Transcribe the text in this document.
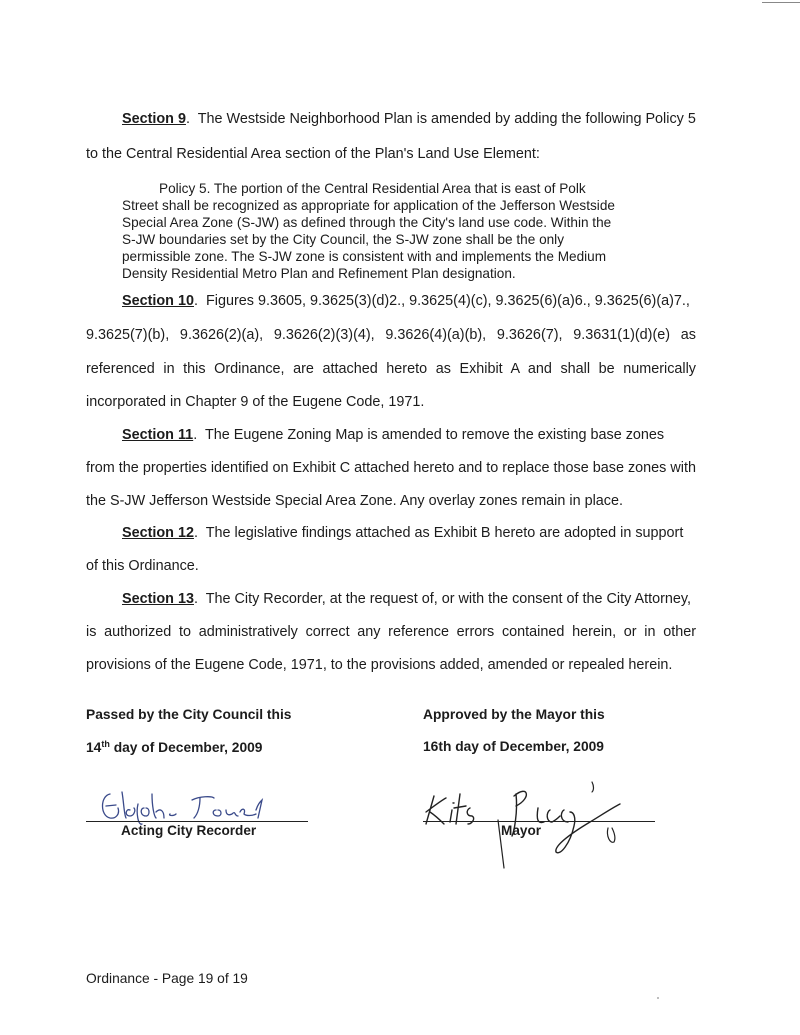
Section 9.  The Westside Neighborhood Plan is amended by adding the following Policy 5
to the Central Residential Area section of the Plan's Land Use Element:
Policy 5. The portion of the Central Residential Area that is east of Polk
Street shall be recognized as appropriate for application of the Jefferson Westside
Special Area Zone (S-JW) as defined through the City's land use code. Within the
S-JW boundaries set by the City Council, the S-JW zone shall be the only
permissible zone. The S-JW zone is consistent with and implements the Medium
Density Residential Metro Plan and Refinement Plan designation.
Section 10.  Figures 9.3605, 9.3625(3)(d)2., 9.3625(4)(c), 9.3625(6)(a)6., 9.3625(6)(a)7.,
9.3625(7)(b), 9.3626(2)(a), 9.3626(2)(3)(4), 9.3626(4)(a)(b), 9.3626(7), 9.3631(1)(d)(e) as
referenced in this Ordinance, are attached hereto as Exhibit A and shall be numerically
incorporated in Chapter 9 of the Eugene Code, 1971.
Section 11.  The Eugene Zoning Map is amended to remove the existing base zones
from the properties identified on Exhibit C attached hereto and to replace those base zones with
the S-JW Jefferson Westside Special Area Zone. Any overlay zones remain in place.
Section 12.  The legislative findings attached as Exhibit B hereto are adopted in support
of this Ordinance.
Section 13.  The City Recorder, at the request of, or with the consent of the City Attorney,
is authorized to administratively correct any reference errors contained herein, or in other
provisions of the Eugene Code, 1971, to the provisions added, amended or repealed herein.
Passed by the City Council this
14th day of December, 2009
Elizabeth Forrest
Acting City Recorder
Approved by the Mayor this
16th day of December, 2009
Kitty Piercy
Mayor
Ordinance - Page 19 of 19
